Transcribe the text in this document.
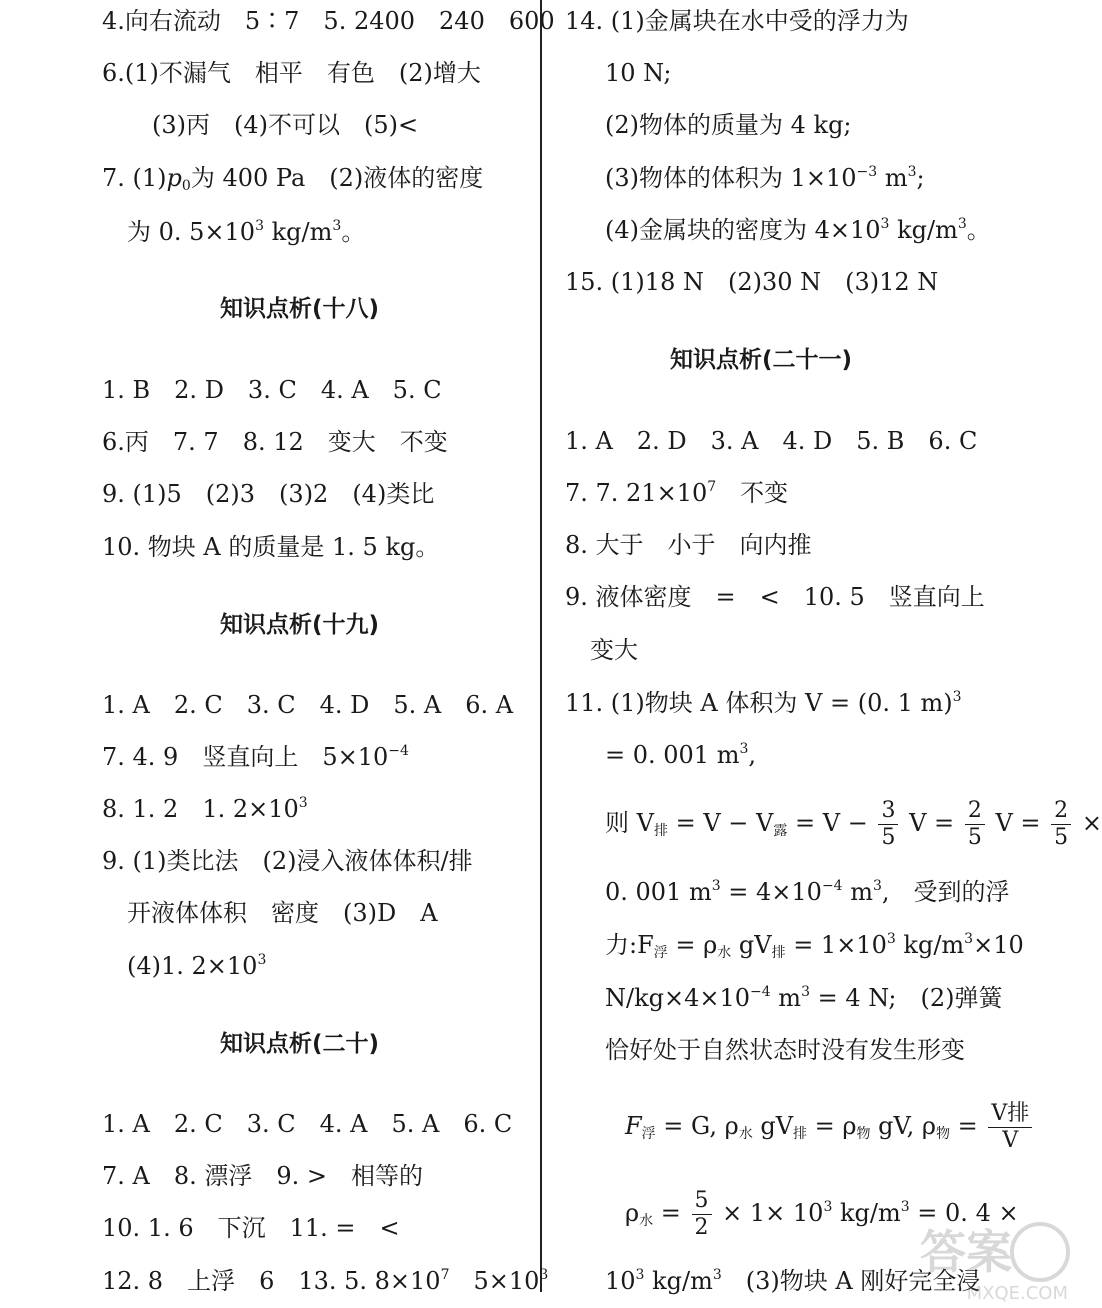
4.向右流动　5∶7　5. 2400　240　600
6.(1)不漏气　相平　有色　(2)增大
(3)丙　(4)不可以　(5)<
7. $(1)p_0$为 400 Pa　(2)液体的密度
为 0. $5\times 10^3$ $kg/m^3$。
知识点析(十八)
1. B　2. D　3. C　4. A　5. C
6.丙　7. 7　8. 12　变大　不变
9. (1)5　(2)3　(3)2　(4)类比
10. 物块 A 的质量是 1. 5 kg。
知识点析(十九)
1. A　2. C　3. C　4. D　5. A　6. A
7. 4. 9　竖直向上　$5\times 10^{-4}$
8. 1. 2　1. $2\times 10^3$
9. (1)类比法　(2)浸入液体体积/排
开液体体积　密度　(3)D　A
(4)1. $2\times 10^3$
知识点析(二十)
1. A　2. C　3. C　4. A　5. A　6. C
7. A　8. 漂浮　9. >　相等的
10. 1. 6　下沉　11. =　<
12. 8　上浮　6　13. 5. $8\times 10^7$　$5\times 10^3$
14. (1)金属块在水中受的浮力为
10 N;
(2)物体的质量为 4 kg;
(3)物体的体积为 $1\times 10^{-3}$ $m^3$;
(4)金属块的密度为 $4\times 10^3$ $kg/m^3$。
15. (1)18 N　(2)30 N　(3)12 N
知识点析(二十一)
1. A　2. D　3. A　4. D　5. B　6. C
7. 7. $21\times 10^7$　不变
8. 大于　小于　向内推
9. 液体密度　=　<　10. 5　竖直向上
变大
11. (1)物块 A 体积为 V = (0. 1 m)$^3$
= 0. 001 $m^3$,
则 $V_排 = V - V_露 = V - \frac{3}{5}$ $V = \frac{2}{5}$ $V = \frac{2}{5}$ ×
0. 001 $m^3 = 4\times 10^{-4}$ $m^3$,　受到的浮
力$:F_浮 = \rho_水$ $gV_排 = 1\times 10^3$ $kg/m^3\times 10$
$N/kg\times 4\times 10^{-4}$ $m^3 = 4$ N;　(2)弹簧
恰好处于自然状态时没有发生形变
$F_浮 = G$, $\rho_水$ $gV_排 = \rho_物$ gV, $\rho_物 = \frac{\text{V排}}{V}$
$\rho_水 = \frac{5}{2} \times 1\times 10^3$ $kg/m^3 = 0$. 4 ×
$10^3$ $kg/m^3$　(3)物块 A 刚好完全浸
答案
MXQE.COM
